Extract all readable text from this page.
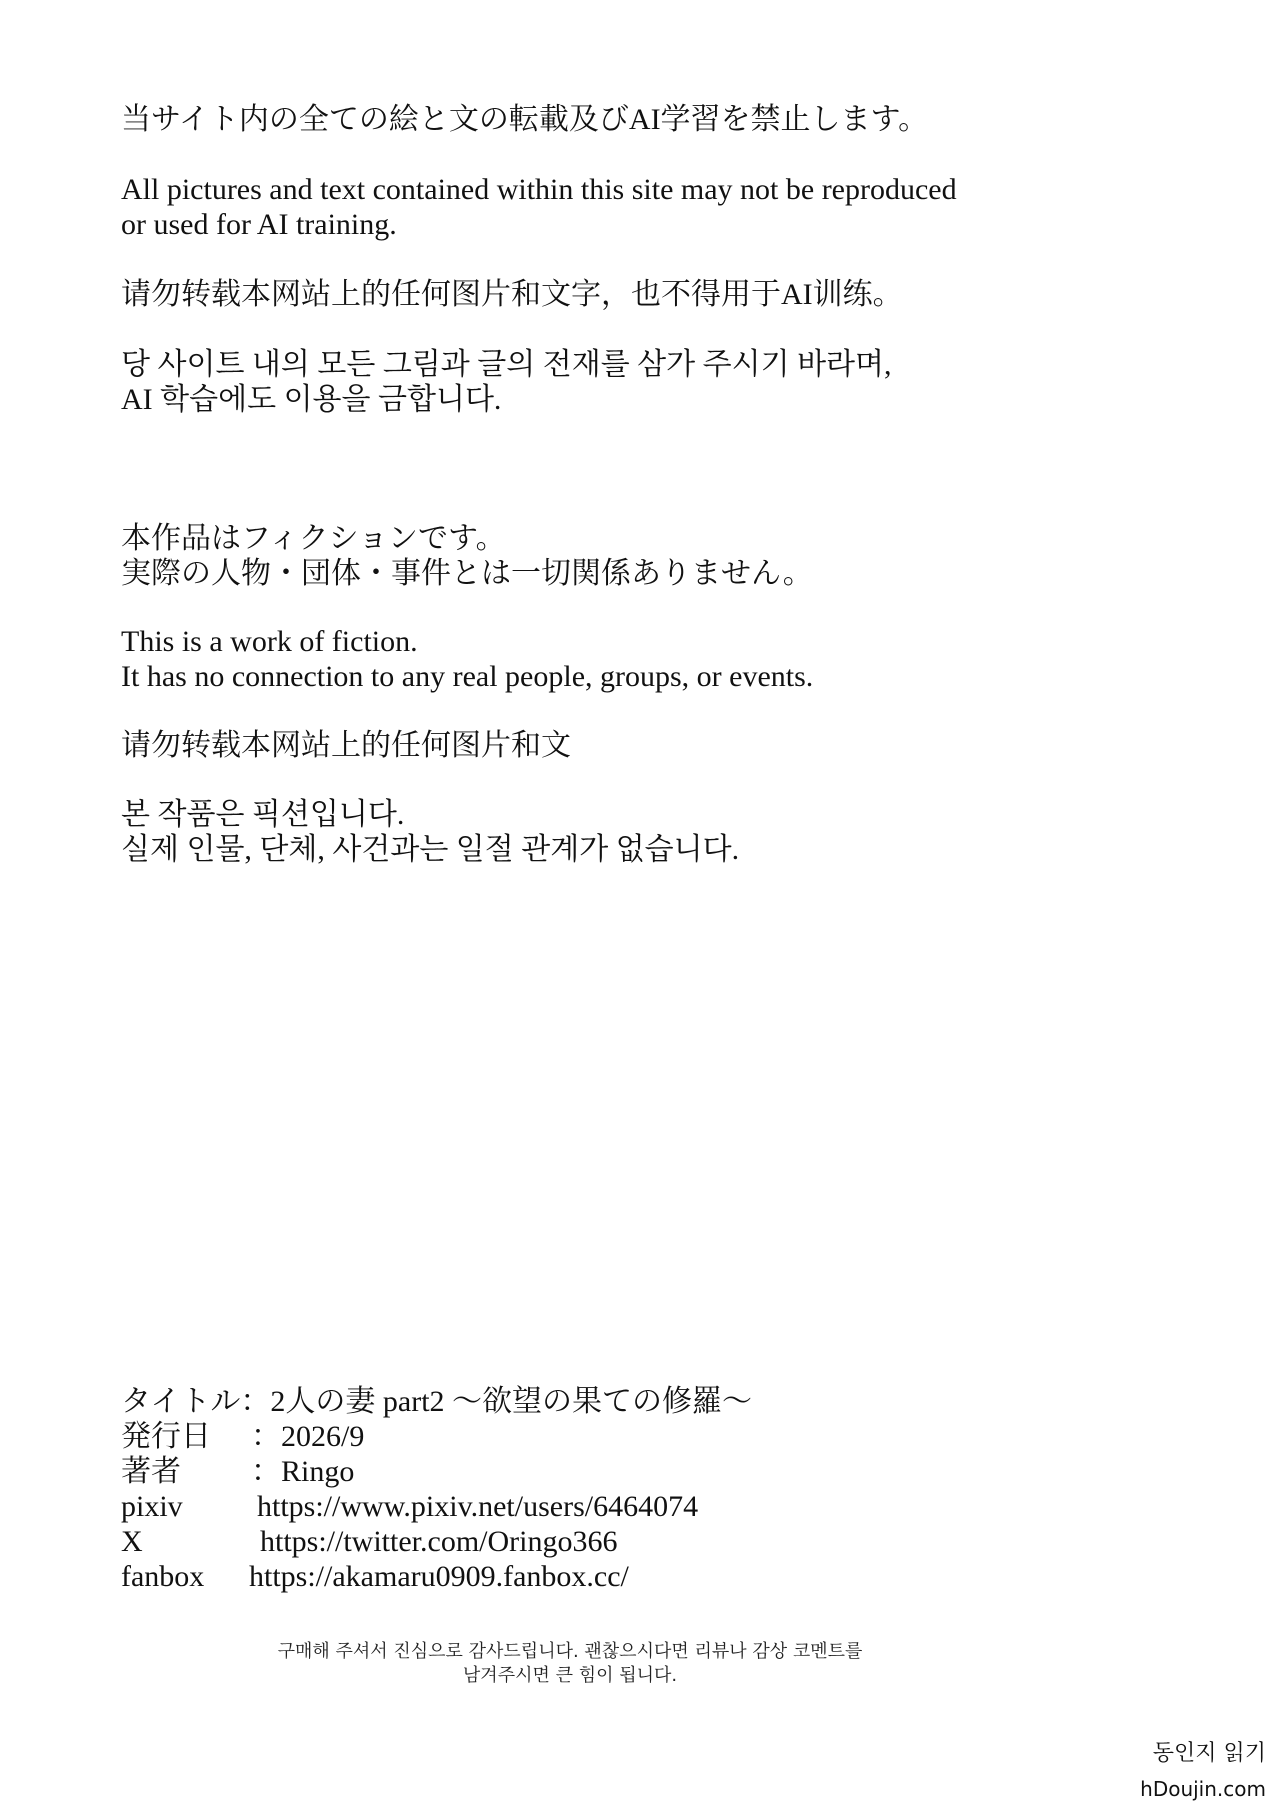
当サイト内の全ての絵と文の転載及びAI学習を禁止します。
All pictures and text contained within this site may not be reproduced
or used for AI training.
请勿转载本网站上的任何图片和文字，也不得用于AI训练。
당 사이트 내의 모든 그림과 글의 전재를 삼가 주시기 바라며,
AI 학습에도 이용을 금합니다.
本作品はフィクションです。
実際の人物・団体・事件とは一切関係ありません。
This is a work of fiction.
It has no connection to any real people, groups, or events.
请勿转载本网站上的任何图片和文
본 작품은 픽션입니다.
실제 인물, 단체, 사건과는 일절 관계가 없습니다.
タイトル：2人の妻 part2 〜欲望の果ての修羅〜
発行日 ：2026/9
著者 ：Ringo
pixiv https://www.pixiv.net/users/6464074
X	https://twitter.com/Oringo366
fanbox https://akamaru0909.fanbox.cc/
구매해 주셔서 진심으로 감사드립니다. 괜찮으시다면 리뷰나 감상 코멘트를
남겨주시면 큰 힘이 됩니다.
동인지 읽기
hDoujin.com
